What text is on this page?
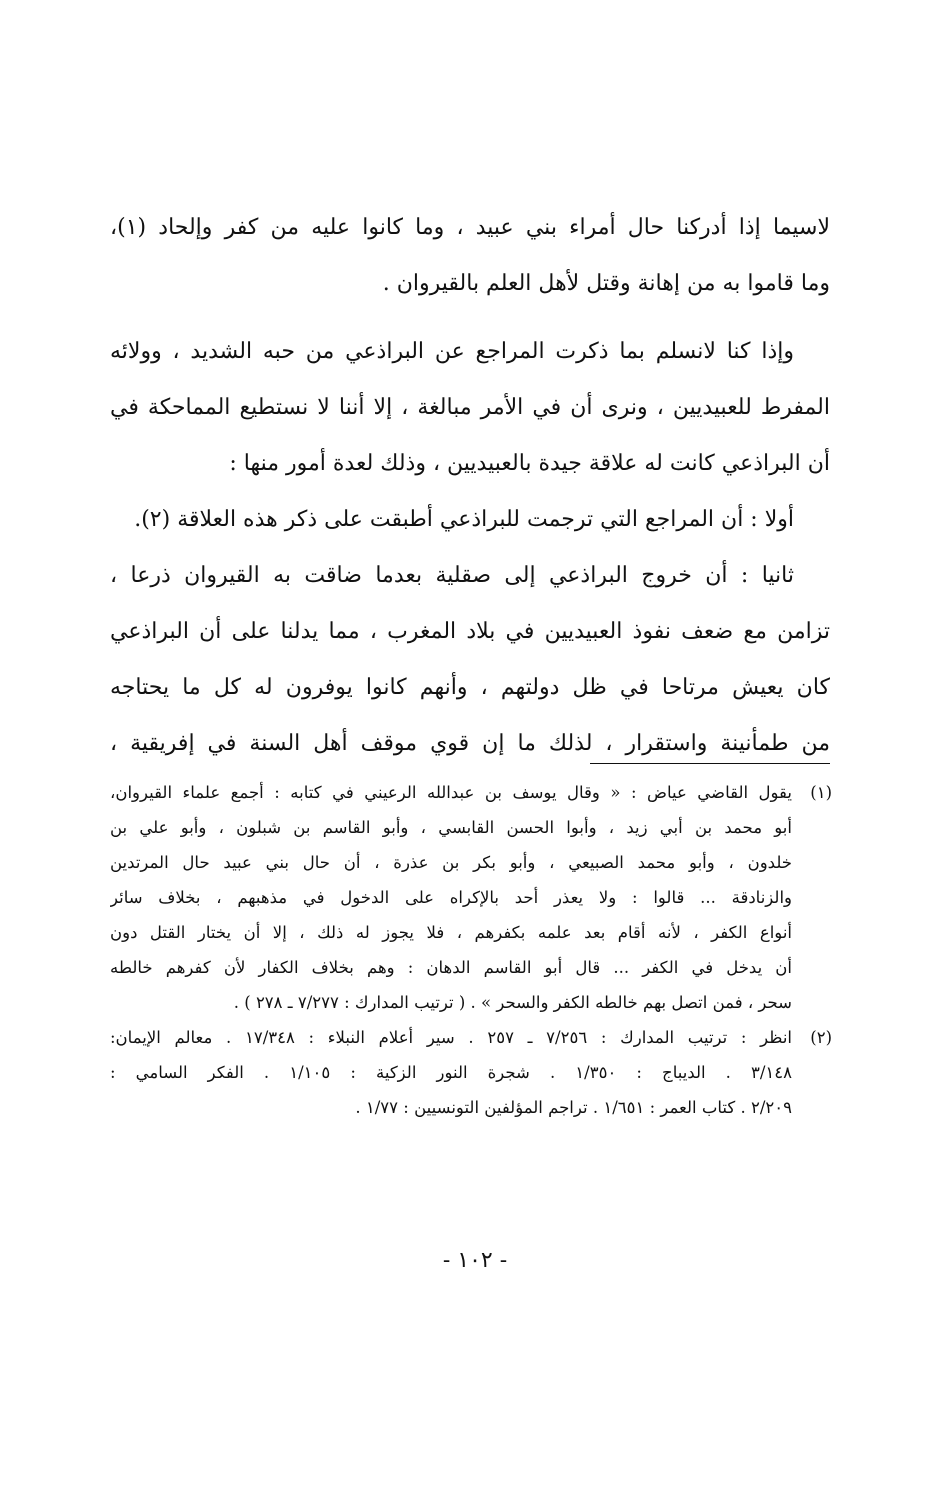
لاسيما إذا أدركنا حال أمراء بني عبيد ، وما كانوا عليه من كفر وإلحاد (١)،
وما قاموا به من إهانة وقتل لأهل العلم بالقيروان .
وإذا كنا لانسلم بما ذكرت المراجع عن البراذعي من حبه الشديد ، وولائه
المفرط للعبيديين ، ونرى أن في الأمر مبالغة ، إلا أننا لا نستطيع المماحكة في
أن البراذعي كانت له علاقة جيدة بالعبيديين ، وذلك لعدة أمور منها :
أولا : أن المراجع التي ترجمت للبراذعي أطبقت على ذكر هذه العلاقة (٢).
ثانيا : أن خروج البراذعي إلى صقلية بعدما ضاقت به القيروان ذرعا ،
تزامن مع ضعف نفوذ العبيديين في بلاد المغرب ، مما يدلنا على أن البراذعي
كان يعيش مرتاحا في ظل دولتهم ، وأنهم كانوا يوفرون له كل ما يحتاجه
من طمأنينة واستقرار ، لذلك ما إن قوي موقف أهل السنة في إفريقية ،
(١)
يقول القاضي عياض : « وقال يوسف بن عبدالله الرعيني في كتابه : أجمع علماء القيروان،
أبو محمد بن أبي زيد ، وأبوا الحسن القابسي ، وأبو القاسم بن شبلون ، وأبو علي بن
خلدون ، وأبو محمد الصبيعي ، وأبو بكر بن عذرة ، أن حال بني عبيد حال المرتدين
والزنادقة ... قالوا : ولا يعذر أحد بالإكراه على الدخول في مذهبهم ، بخلاف سائر
أنواع الكفر ، لأنه أقام بعد علمه بكفرهم ، فلا يجوز له ذلك ، إلا أن يختار القتل دون
أن يدخل في الكفر ... قال أبو القاسم الدهان : وهم بخلاف الكفار لأن كفرهم خالطه
سحر ، فمن اتصل بهم خالطه الكفر والسحر » . ( ترتيب المدارك : ٧/٢٧٧ ـ ٢٧٨ ) .
(٢)
انظر : ترتيب المدارك : ٧/٢٥٦ ـ ٢٥٧ . سير أعلام النبلاء : ١٧/٣٤٨ . معالم الإيمان:
٣/١٤٨ . الديباج : ١/٣٥٠ . شجرة النور الزكية : ١/١٠٥ . الفكر السامي :
٢/٢٠٩ . كتاب العمر : ١/٦٥١ . تراجم المؤلفين التونسيين : ١/٧٧ .
- ١٠٢ -
